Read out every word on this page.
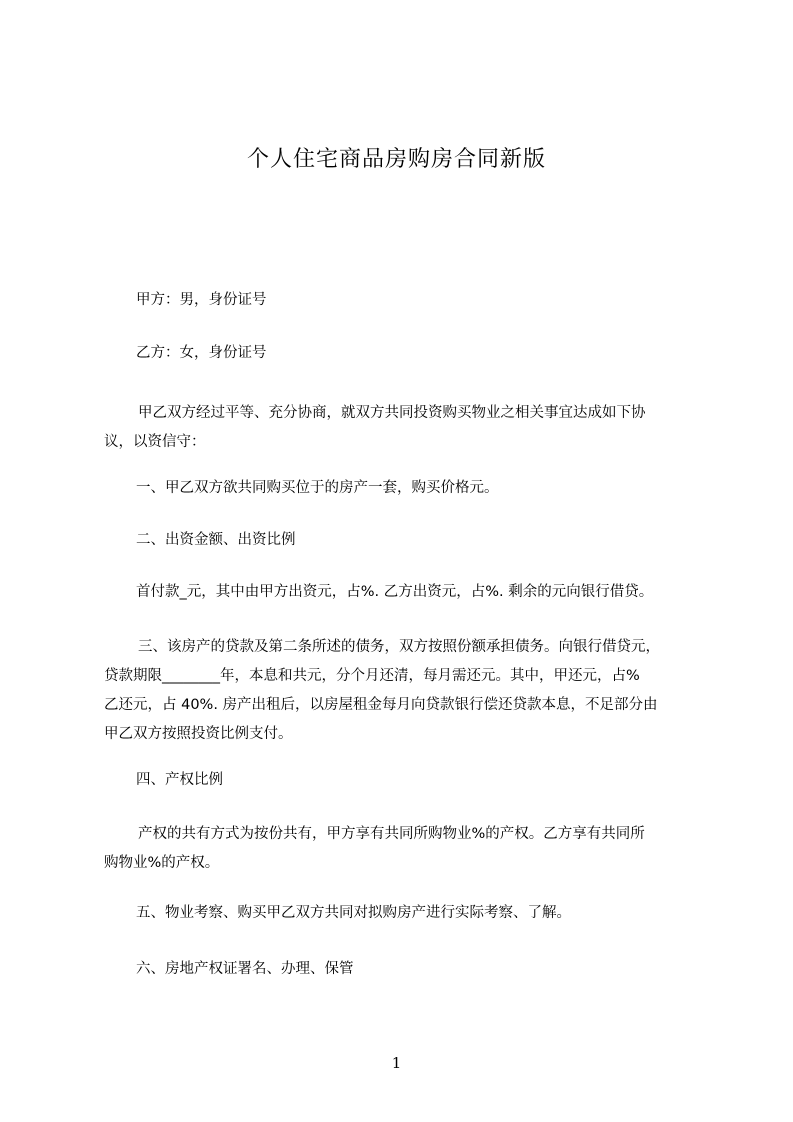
个人住宅商品房购房合同新版

甲方：男，身份证号

乙方：女，身份证号

甲乙双方经过平等、充分协商，就双方共同投资购买物业之相关事宜达成如下协
议，以资信守：

一、甲乙双方欲共同购买位于的房产一套，购买价格元。

二、出资金额、出资比例

首付款_元，其中由甲方出资元，占%. 乙方出资元，占%. 剩余的元向银行借贷。

三、该房产的贷款及第二条所述的债务，双方按照份额承担债务。向银行借贷元，
贷款期限________年，本息和共元，分个月还清，每月需还元。其中，甲还元，占%
乙还元，占 40%. 房产出租后，以房屋租金每月向贷款银行偿还贷款本息，不足部分由
甲乙双方按照投资比例支付。

四、产权比例

产权的共有方式为按份共有，甲方享有共同所购物业%的产权。乙方享有共同所
购物业%的产权。

五、物业考察、购买甲乙双方共同对拟购房产进行实际考察、了解。

六、房地产权证署名、办理、保管

1
